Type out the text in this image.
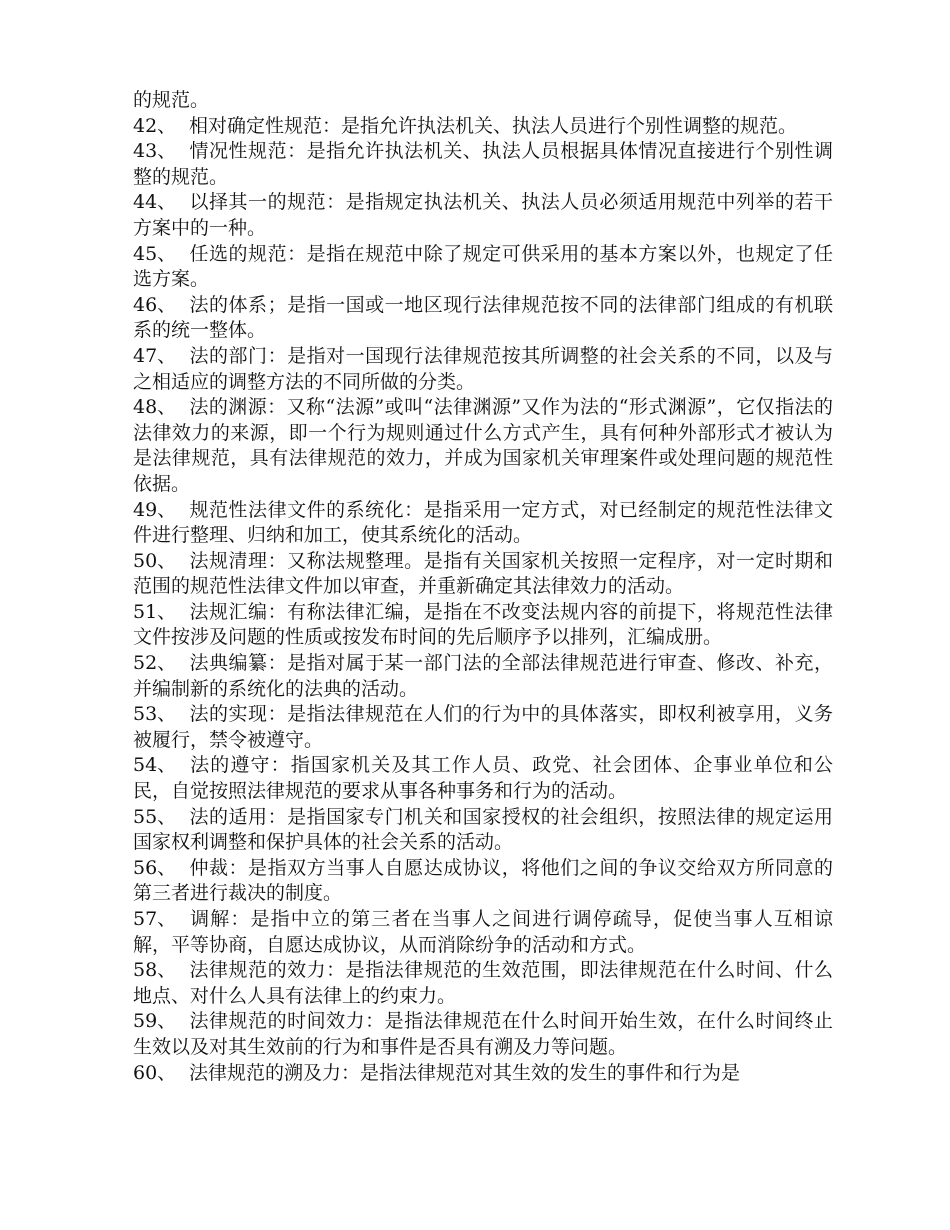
的规范。

42、 相对确定性规范：是指允许执法机关、执法人员进行个别性调整的规范。

43、 情况性规范：是指允许执法机关、执法人员根据具体情况直接进行个别性调整的规范。

44、 以择其一的规范：是指规定执法机关、执法人员必须适用规范中列举的若干方案中的一种。

45、 任选的规范：是指在规范中除了规定可供采用的基本方案以外，也规定了任选方案。

46、 法的体系；是指一国或一地区现行法律规范按不同的法律部门组成的有机联系的统一整体。

47、 法的部门：是指对一国现行法律规范按其所调整的社会关系的不同，以及与之相适应的调整方法的不同所做的分类。

48、 法的渊源：又称“法源”或叫“法律渊源”又作为法的“形式渊源”，它仅指法的法律效力的来源，即一个行为规则通过什么方式产生，具有何种外部形式才被认为是法律规范，具有法律规范的效力，并成为国家机关审理案件或处理问题的规范性依据。

49、 规范性法律文件的系统化：是指采用一定方式，对已经制定的规范性法律文件进行整理、归纳和加工，使其系统化的活动。

50、 法规清理：又称法规整理。是指有关国家机关按照一定程序，对一定时期和范围的规范性法律文件加以审查，并重新确定其法律效力的活动。

51、 法规汇编：有称法律汇编，是指在不改变法规内容的前提下，将规范性法律文件按涉及问题的性质或按发布时间的先后顺序予以排列，汇编成册。

52、 法典编纂：是指对属于某一部门法的全部法律规范进行审查、修改、补充，并编制新的系统化的法典的活动。

53、 法的实现：是指法律规范在人们的行为中的具体落实，即权利被享用，义务被履行，禁令被遵守。

54、 法的遵守：指国家机关及其工作人员、政党、社会团体、企事业单位和公民，自觉按照法律规范的要求从事各种事务和行为的活动。

55、 法的适用：是指国家专门机关和国家授权的社会组织，按照法律的规定运用国家权利调整和保护具体的社会关系的活动。

56、 仲裁：是指双方当事人自愿达成协议，将他们之间的争议交给双方所同意的第三者进行裁决的制度。

57、 调解：是指中立的第三者在当事人之间进行调停疏导，促使当事人互相谅解，平等协商，自愿达成协议，从而消除纷争的活动和方式。

58、 法律规范的效力：是指法律规范的生效范围，即法律规范在什么时间、什么地点、对什么人具有法律上的约束力。

59、 法律规范的时间效力：是指法律规范在什么时间开始生效，在什么时间终止生效以及对其生效前的行为和事件是否具有溯及力等问题。

60、 法律规范的溯及力：是指法律规范对其生效的发生的事件和行为是
